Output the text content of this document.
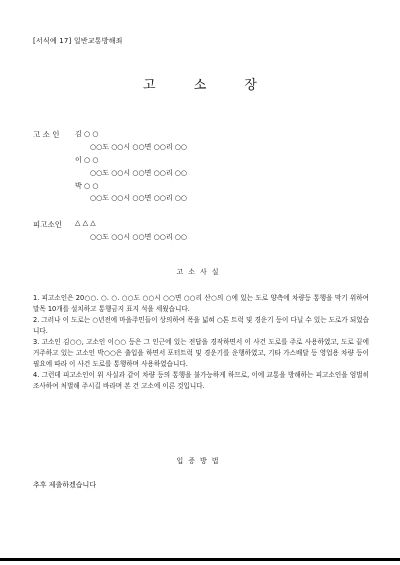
[서식예 17] 일반교통방해죄
고	소	장
고 소 인 김 ○ ○
○○도 ○○시 ○○면 ○○리 ○○
이 ○ ○
○○도 ○○시 ○○면 ○○리 ○○
박 ○ ○
○○도 ○○시 ○○면 ○○리 ○○
피고소인 △ △ △
○○도 ○○시 ○○면 ○○리 ○○
고소사실

1. 피고소인은 20○○. ○. ○. ○○도 ○○시 ○○면 ○○리 산○의 ○에 있는 도로 양측에 차량등 통행을 막기 위하여 말목 10개를 설치하고 통행금지 표지 석을 세웠습니다.

2. 그러나 이 도로는 ○년전에 마을주민들이 상의하여 폭을 넓혀 ○톤 트럭 및 경운기 등이 다닐 수 있는 도로가 되었습니다.

3. 고소인 김○○, 고소인 이○○ 등은 그 인근에 있는 전답을 경작하면서 이 사건 도로를 주로 사용하였고, 도로 끝에 거주하고 있는 고소인 박○○은 출입을 하면서 포터트럭 및 경운기를 운행하였고, 기타 가스배달 등 영업용 차량 등이 필요에 따라 이 사건 도로를 통행하며 사용하였습니다.

4. 그런데 피고소인이 위 사실과 같이 차량 등의 통행을 불가능하게 하므로, 이에 교통을 방해하는 피고소인을 엄벌히 조사하여 처벌해 주시길 바라며 본 건 고소에 이른 것입니다.

입증방법
추후 제출하겠습니다
